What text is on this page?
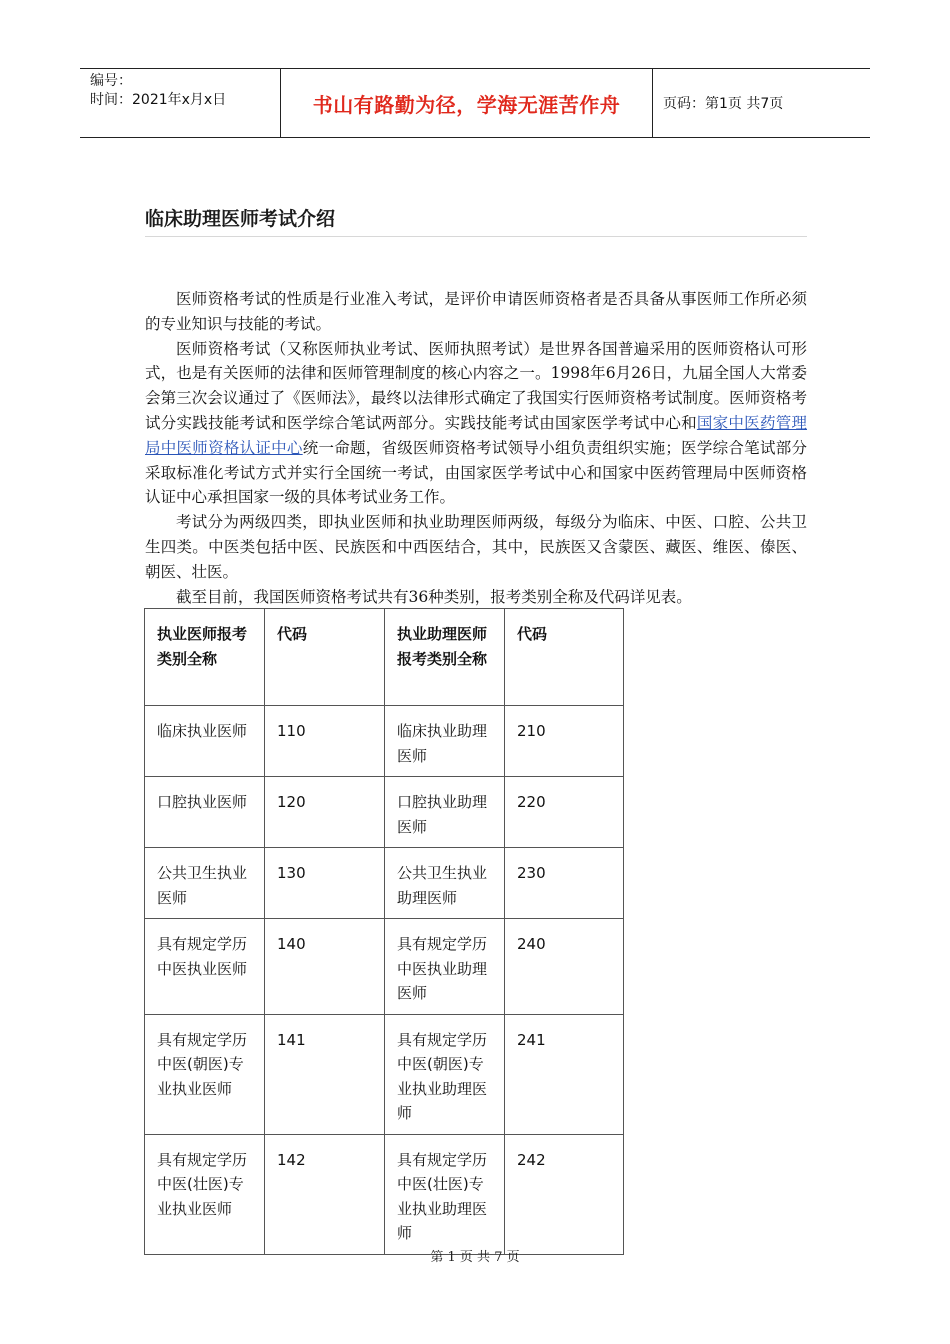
编号：
时间：2021年x月x日	书山有路勤为径，学海无涯苦作舟	页码：第1页 共7页
临床助理医师考试介绍

医师资格考试的性质是行业准入考试，是评价申请医师资格者是否具备从事医师工作所必须的专业知识与技能的考试。

医师资格考试（又称医师执业考试、医师执照考试）是世界各国普遍采用的医师资格认可形式，也是有关医师的法律和医师管理制度的核心内容之一。1998年6月26日，九届全国人大常委会第三次会议通过了《医师法》，最终以法律形式确定了我国实行医师资格考试制度。医师资格考试分实践技能考试和医学综合笔试两部分。实践技能考试由国家医学考试中心和国家中医药管理局中医师资格认证中心统一命题，省级医师资格考试领导小组负责组织实施；医学综合笔试部分采取标准化考试方式并实行全国统一考试，由国家医学考试中心和国家中医药管理局中医师资格认证中心承担国家一级的具体考试业务工作。

考试分为两级四类，即执业医师和执业助理医师两级，每级分为临床、中医、口腔、公共卫生四类。中医类包括中医、民族医和中西医结合，其中，民族医又含蒙医、藏医、维医、傣医、朝医、壮医。

截至目前，我国医师资格考试共有36种类别，报考类别全称及代码详见表。

执业医师报考类别全称	代码	执业助理医师报考类别全称	代码
临床执业医师	110	临床执业助理医师	210
口腔执业医师	120	口腔执业助理医师	220
公共卫生执业医师	130	公共卫生执业助理医师	230
具有规定学历中医执业医师	140	具有规定学历中医执业助理医师	240
具有规定学历中医(朝医)专业执业医师	141	具有规定学历中医(朝医)专业执业助理医师	241
具有规定学历中医(壮医)专业执业医师	142	具有规定学历中医(壮医)专业执业助理医师	242
第 1 页 共 7 页
